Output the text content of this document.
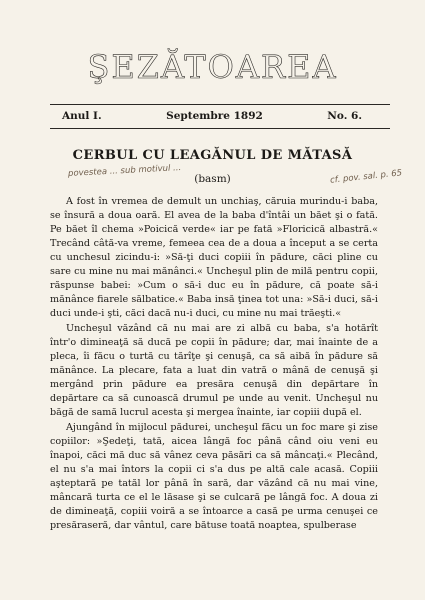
ŞEZĂTOAREA
Anul I.	Septembre 1892	No. 6.
CERBUL CU LEAGĂNUL DE MĂTASĂ
(basm)
povestea ... sub motivul ...	cf. pov. sal. p. 65

A fost în vremea de demult un unchiaş, căruia murindu-i baba, se însură a doua oară. El avea de la baba d'întâi un băet şi o fată. Pe băet îl chema »Poicică verde« iar pe fată »Floricică albastră.« Trecând câtă-va vreme, femeea cea de a doua a început a se certa cu unchesul zicindu-i: »Să-ţi duci copiii în pădure, căci pline cu sare cu mine nu mai mănânci.« Uncheşul plin de milă pentru copii, răspunse babei: »Cum o să-i duc eu în pădure, că poate să-i mănânce fiarele sălbatice.« Baba insă ţinea tot una: »Să-i duci, să-i duci unde-i şti, căci dacă nu-i duci, cu mine nu mai trăeşti.«

Uncheşul văzând că nu mai are zi albă cu baba, s'a hotărît într'o dimineaţă să ducă pe copii în pădure; dar, mai înainte de a pleca, îi făcu o turtă cu tărîţe şi cenuşă, ca să aibă în pădure să mănânce. La plecare, fata a luat din vatră o mână de cenuşă şi mergând prin pădure ea presăra cenuşă din depărtare în depărtare ca să cunoască drumul pe unde au venit. Uncheşul nu băgă de samă lucrul acesta şi mergea înainte, iar copiii după el.

Ajungând în mijlocul pădurei, uncheşul făcu un foc mare şi zise copiilor: »Şedeţi, tată, aicea lângă foc până când oiu veni eu înapoi, căci mă duc să vânez ceva păsări ca să mâncaţi.« Plecând, el nu s'a mai întors la copii ci s'a dus pe altă cale acasă. Copiii aşteptară pe tatăl lor până în sară, dar văzând că nu mai vine, mâncară turta ce el le lăsase şi se culcară pe lângă foc. A doua zi de dimineaţă, copiii voiră a se întoarce a casă pe urma cenuşei ce presăraseră, dar vântul, care bătuse toată noaptea, spulberase
